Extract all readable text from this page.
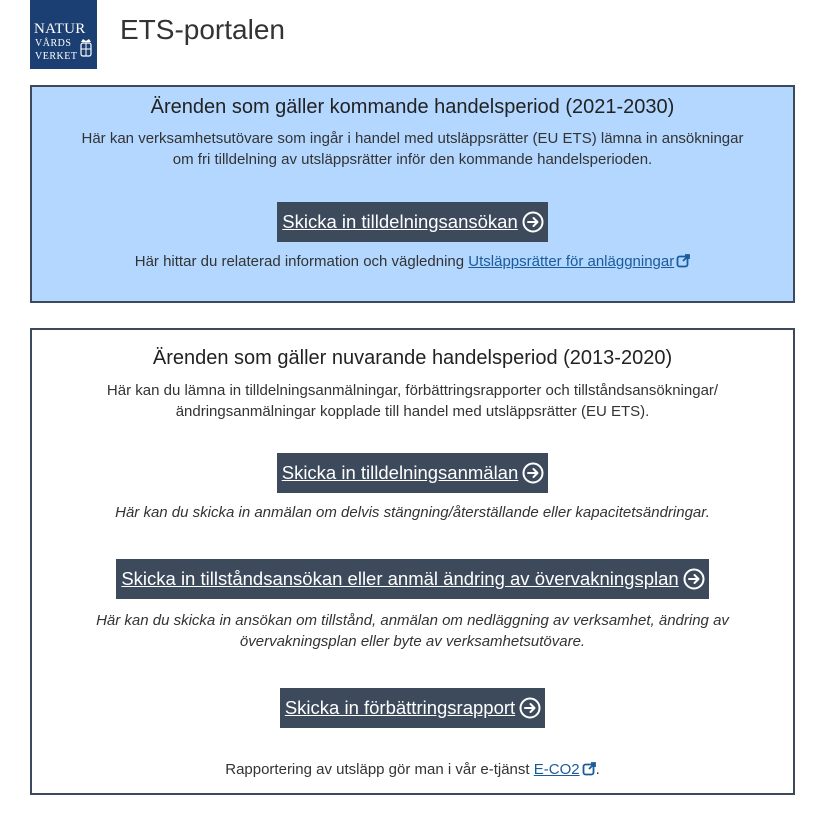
NATUR
VÅRDS
VERKET
ETS-portalen
Ärenden som gäller kommande handelsperiod (2021-2030)

Här kan verksamhetsutövare som ingår i handel med utsläppsrätter (EU ETS) lämna in ansökningar

om fri tilldelning av utsläppsrätter inför den kommande handelsperioden.

Skicka in tilldelningsansökan

Här hittar du relaterad information och vägledning Utsläppsrätter för anläggningar

Ärenden som gäller nuvarande handelsperiod (2013-2020)

Här kan du lämna in tilldelningsanmälningar, förbättringsrapporter och tillståndsansökningar/

ändringsanmälningar kopplade till handel med utsläppsrätter (EU ETS).

Skicka in tilldelningsanmälan

Här kan du skicka in anmälan om delvis stängning/återställande eller kapacitetsändringar.

Skicka in tillståndsansökan eller anmäl ändring av övervakningsplan

Här kan du skicka in ansökan om tillstånd, anmälan om nedläggning av verksamhet, ändring av

övervakningsplan eller byte av verksamhetsutövare.

Skicka in förbättringsrapport

Rapportering av utsläpp gör man i vår e-tjänst E-CO2 .
